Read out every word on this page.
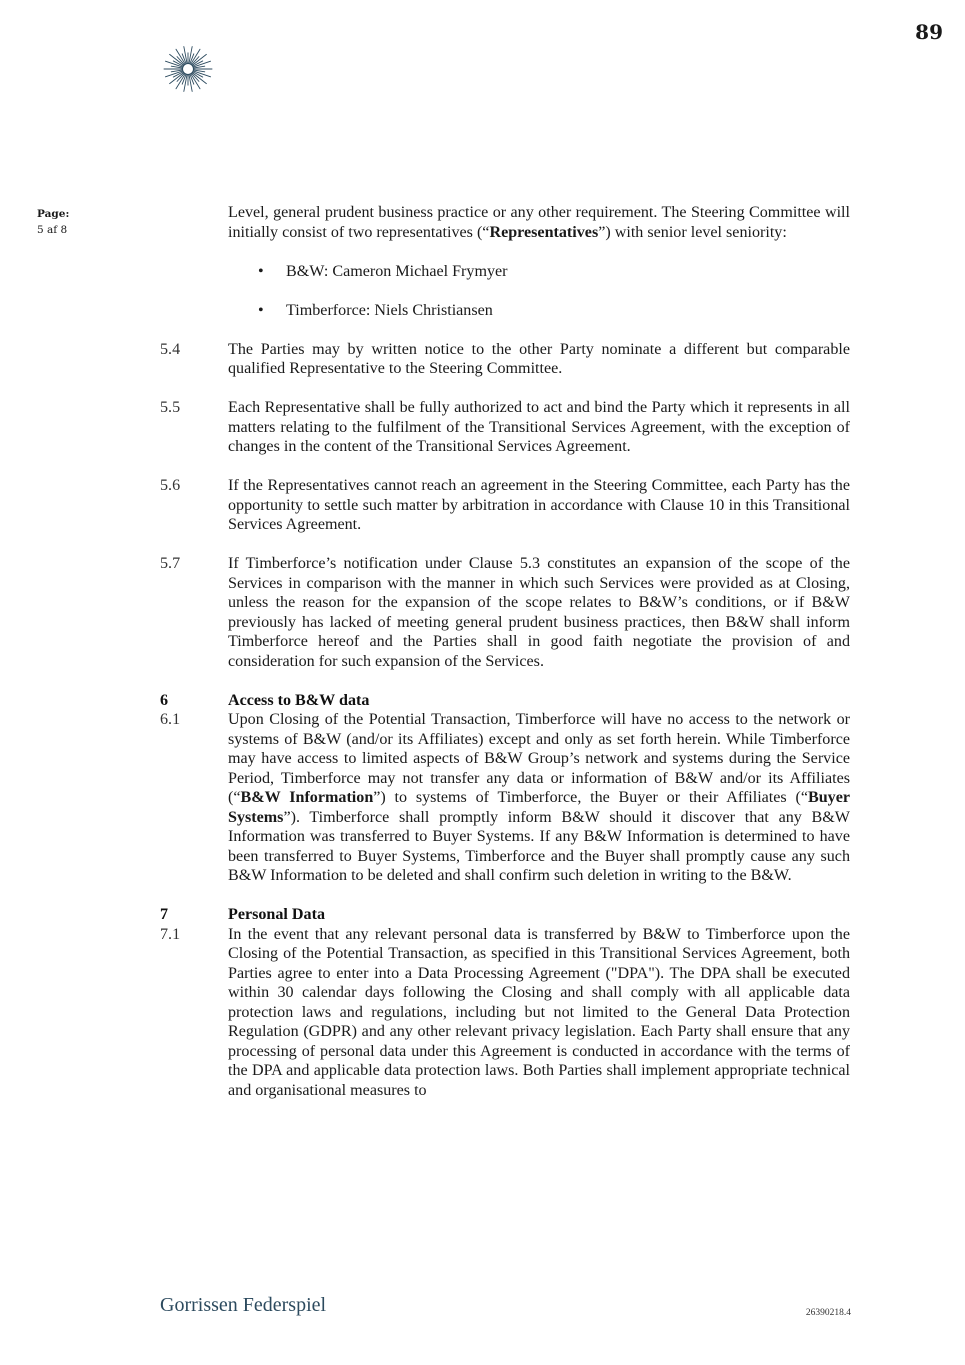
89
Page:
5 af 8
Level, general prudent business practice or any other requirement. The Steering Committee will initially consist of two representatives (“Representatives”) with senior level seniority:
• B&W: Cameron Michael Frymyer
• Timberforce: Niels Christiansen
5.4	The Parties may by written notice to the other Party nominate a different but comparable qualified Representative to the Steering Committee.
5.5	Each Representative shall be fully authorized to act and bind the Party which it represents in all matters relating to the fulfilment of the Transitional Services Agreement, with the exception of changes in the content of the Transitional Services Agreement.
5.6	If the Representatives cannot reach an agreement in the Steering Committee, each Party has the opportunity to settle such matter by arbitration in accordance with Clause 10 in this Transitional Services Agreement.
5.7	If Timberforce’s notification under Clause 5.3 constitutes an expansion of the scope of the Services in comparison with the manner in which such Services were provided as at Closing, unless the reason for the expansion of the scope relates to B&W’s conditions, or if B&W previously has lacked of meeting general prudent business practices, then B&W shall inform Timberforce hereof and the Parties shall in good faith negotiate the provision of and consideration for such expansion of the Services.
6	Access to B&W data
6.1	Upon Closing of the Potential Transaction, Timberforce will have no access to the network or systems of B&W (and/or its Affiliates) except and only as set forth herein. While Timberforce may have access to limited aspects of B&W Group’s network and systems during the Service Period, Timberforce may not transfer any data or information of B&W and/or its Affiliates (“B&W Information”) to systems of Timberforce, the Buyer or their Affiliates (“Buyer Systems”). Timberforce shall promptly inform B&W should it discover that any B&W Information was transferred to Buyer Systems. If any B&W Information is determined to have been transferred to Buyer Systems, Timberforce and the Buyer shall promptly cause any such B&W Information to be deleted and shall confirm such deletion in writing to the B&W.
7	Personal Data
7.1	In the event that any relevant personal data is transferred by B&W to Timberforce upon the Closing of the Potential Transaction, as specified in this Transitional Services Agreement, both Parties agree to enter into a Data Processing Agreement ("DPA"). The DPA shall be executed within 30 calendar days following the Closing and shall comply with all applicable data protection laws and regulations, including but not limited to the General Data Protection Regulation (GDPR) and any other relevant privacy legislation. Each Party shall ensure that any processing of personal data under this Agreement is conducted in accordance with the terms of the DPA and applicable data protection laws. Both Parties shall implement appropriate technical and organisational measures to
Gorrissen Federspiel	26390218.4
